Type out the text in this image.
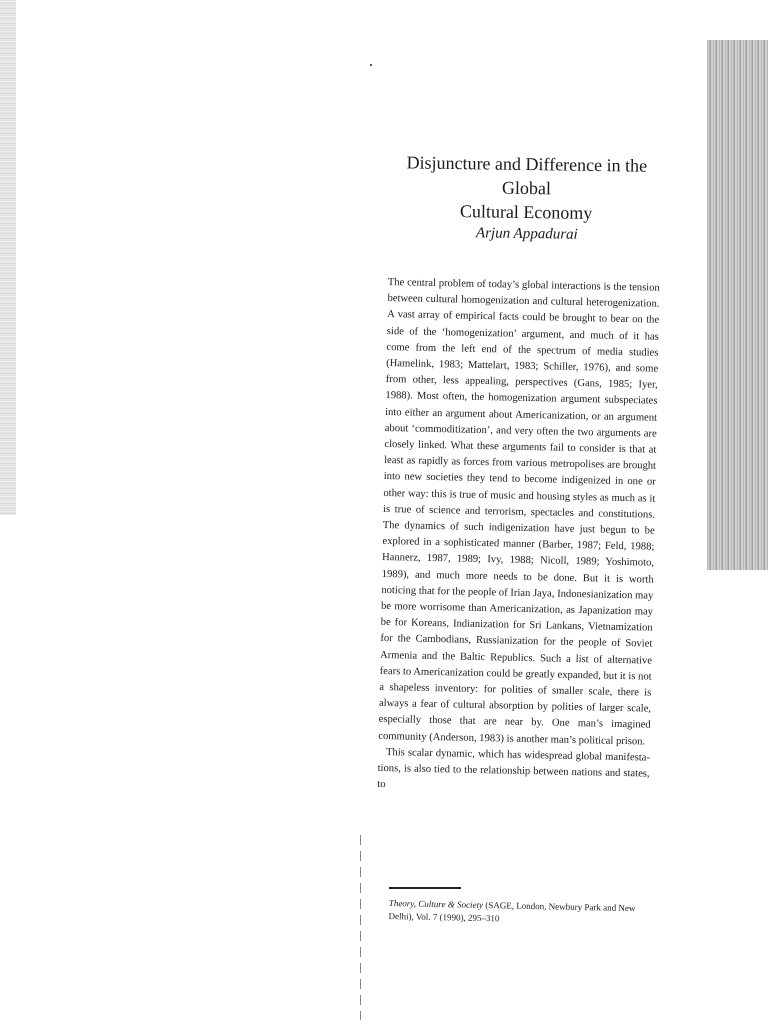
Disjuncture and Difference in the Global
Cultural Economy
Arjun Appadurai

The central problem of today’s global interactions is the tension between cultural homogenization and cultural heterogenization. A vast array of empirical facts could be brought to bear on the side of the ‘homogenization’ argument, and much of it has come from the left end of the spectrum of media studies (Hamelink, 1983; Mattelart, 1983; Schiller, 1976), and some from other, less appealing, perspectives (Gans, 1985; Iyer, 1988). Most often, the homogenization argument subspeciates into either an argument about Americanization, or an argument about ‘commoditization’, and very often the two arguments are closely linked. What these arguments fail to consider is that at least as rapidly as forces from various metropolises are brought into new societies they tend to become indigenized in one or other way: this is true of music and housing styles as much as it is true of science and terrorism, spectacles and constitutions. The dynamics of such indigenization have just begun to be explored in a sophisticated manner (Barber, 1987; Feld, 1988; Hannerz, 1987, 1989; Ivy, 1988; Nicoll, 1989; Yoshimoto, 1989), and much more needs to be done. But it is worth noticing that for the people of Irian Jaya, Indonesianization may be more worrisome than Americanization, as Japanization may be for Koreans, Indianization for Sri Lankans, Vietnamization for the Cambodians, Russianization for the people of Soviet Armenia and the Baltic Republics. Such a list of alternative fears to Americanization could be greatly expanded, but it is not a shapeless inventory: for polities of smaller scale, there is always a fear of cultural absorption by polities of larger scale, especially those that are near by. One man’s imagined community (Anderson, 1983) is another man’s political prison.

This scalar dynamic, which has widespread global manifestations, is also tied to the relationship between nations and states, to

Theory, Culture & Society (SAGE, London, Newbury Park and New Delhi), Vol. 7 (1990), 295–310
